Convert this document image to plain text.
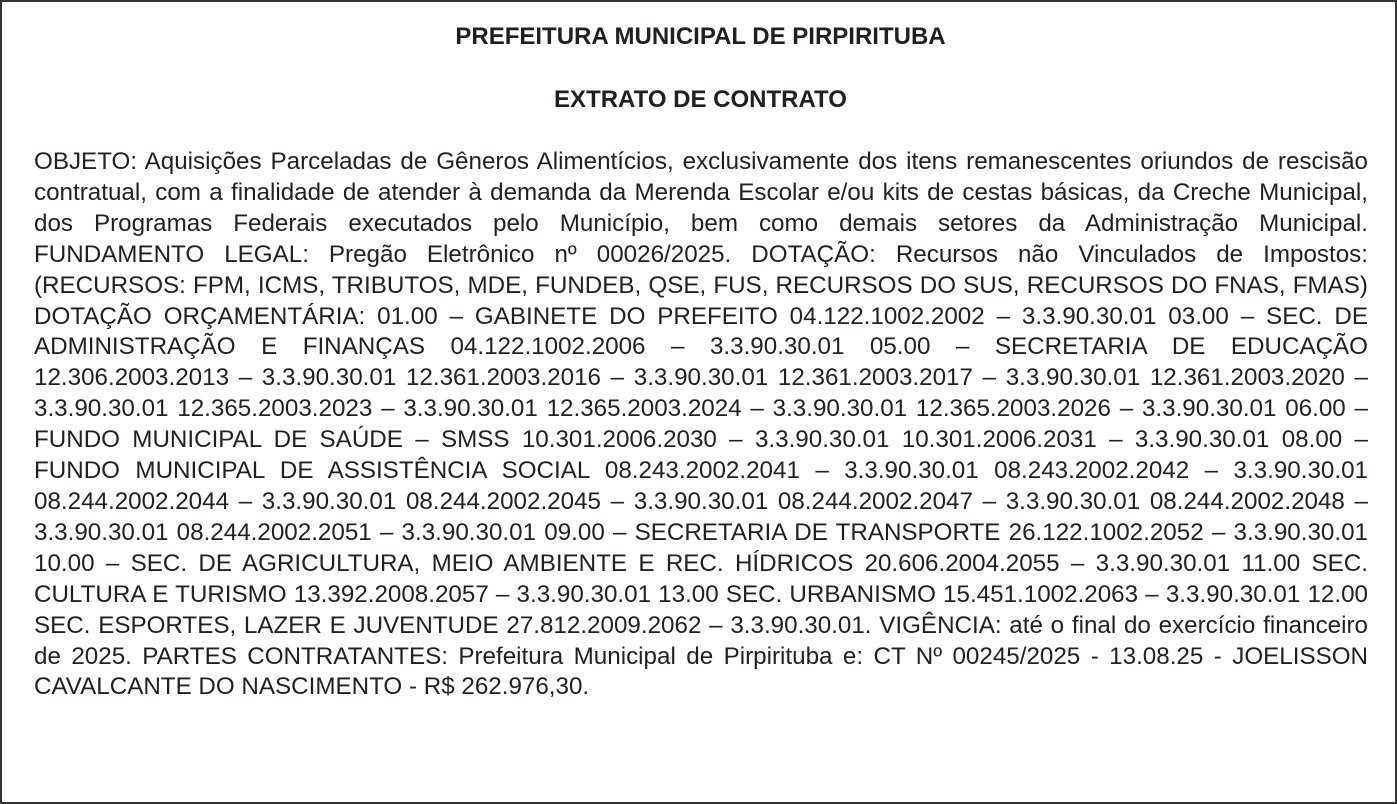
PREFEITURA MUNICIPAL DE PIRPIRITUBA
EXTRATO DE CONTRATO

OBJETO: Aquisições Parceladas de Gêneros Alimentícios, exclusivamente dos itens remanescentes oriundos de rescisão contratual, com a finalidade de atender à demanda da Merenda Escolar e/ou kits de cestas básicas, da Creche Municipal, dos Programas Federais executados pelo Município, bem como demais setores da Administração Municipal. FUNDAMENTO LEGAL: Pregão Eletrônico nº 00026/2025. DOTAÇÃO: Recursos não Vinculados de Impostos: (RECURSOS: FPM, ICMS, TRIBUTOS, MDE, FUNDEB, QSE, FUS, RECURSOS DO SUS, RECURSOS DO FNAS, FMAS) DOTAÇÃO ORÇAMENTÁRIA: 01.00 – GABINETE DO PREFEITO 04.122.1002.2002 – 3.3.90.30.01 03.00 – SEC. DE ADMINISTRAÇÃO E FINANÇAS 04.122.1002.2006 – 3.3.90.30.01 05.00 – SECRETARIA DE EDUCAÇÃO 12.306.2003.2013 – 3.3.90.30.01 12.361.2003.2016 – 3.3.90.30.01 12.361.2003.2017 – 3.3.90.30.01 12.361.2003.2020 – 3.3.90.30.01 12.365.2003.2023 – 3.3.90.30.01 12.365.2003.2024 – 3.3.90.30.01 12.365.2003.2026 – 3.3.90.30.01 06.00 – FUNDO MUNICIPAL DE SAÚDE – SMSS 10.301.2006.2030 – 3.3.90.30.01 10.301.2006.2031 – 3.3.90.30.01 08.00 – FUNDO MUNICIPAL DE ASSISTÊNCIA SOCIAL 08.243.2002.2041 – 3.3.90.30.01 08.243.2002.2042 – 3.3.90.30.01 08.244.2002.2044 – 3.3.90.30.01 08.244.2002.2045 – 3.3.90.30.01 08.244.2002.2047 – 3.3.90.30.01 08.244.2002.2048 – 3.3.90.30.01 08.244.2002.2051 – 3.3.90.30.01 09.00 – SECRETARIA DE TRANSPORTE 26.122.1002.2052 – 3.3.90.30.01 10.00 – SEC. DE AGRICULTURA, MEIO AMBIENTE E REC. HÍDRICOS 20.606.2004.2055 – 3.3.90.30.01 11.00 SEC. CULTURA E TURISMO 13.392.2008.2057 – 3.3.90.30.01 13.00 SEC. URBANISMO 15.451.1002.2063 – 3.3.90.30.01 12.00 SEC. ESPORTES, LAZER E JUVENTUDE 27.812.2009.2062 – 3.3.90.30.01. VIGÊNCIA: até o final do exercício financeiro de 2025. PARTES CONTRATANTES: Prefeitura Municipal de Pirpirituba e: CT Nº 00245/2025 - 13.08.25 - JOELISSON CAVALCANTE DO NASCIMENTO - R$ 262.976,30.
